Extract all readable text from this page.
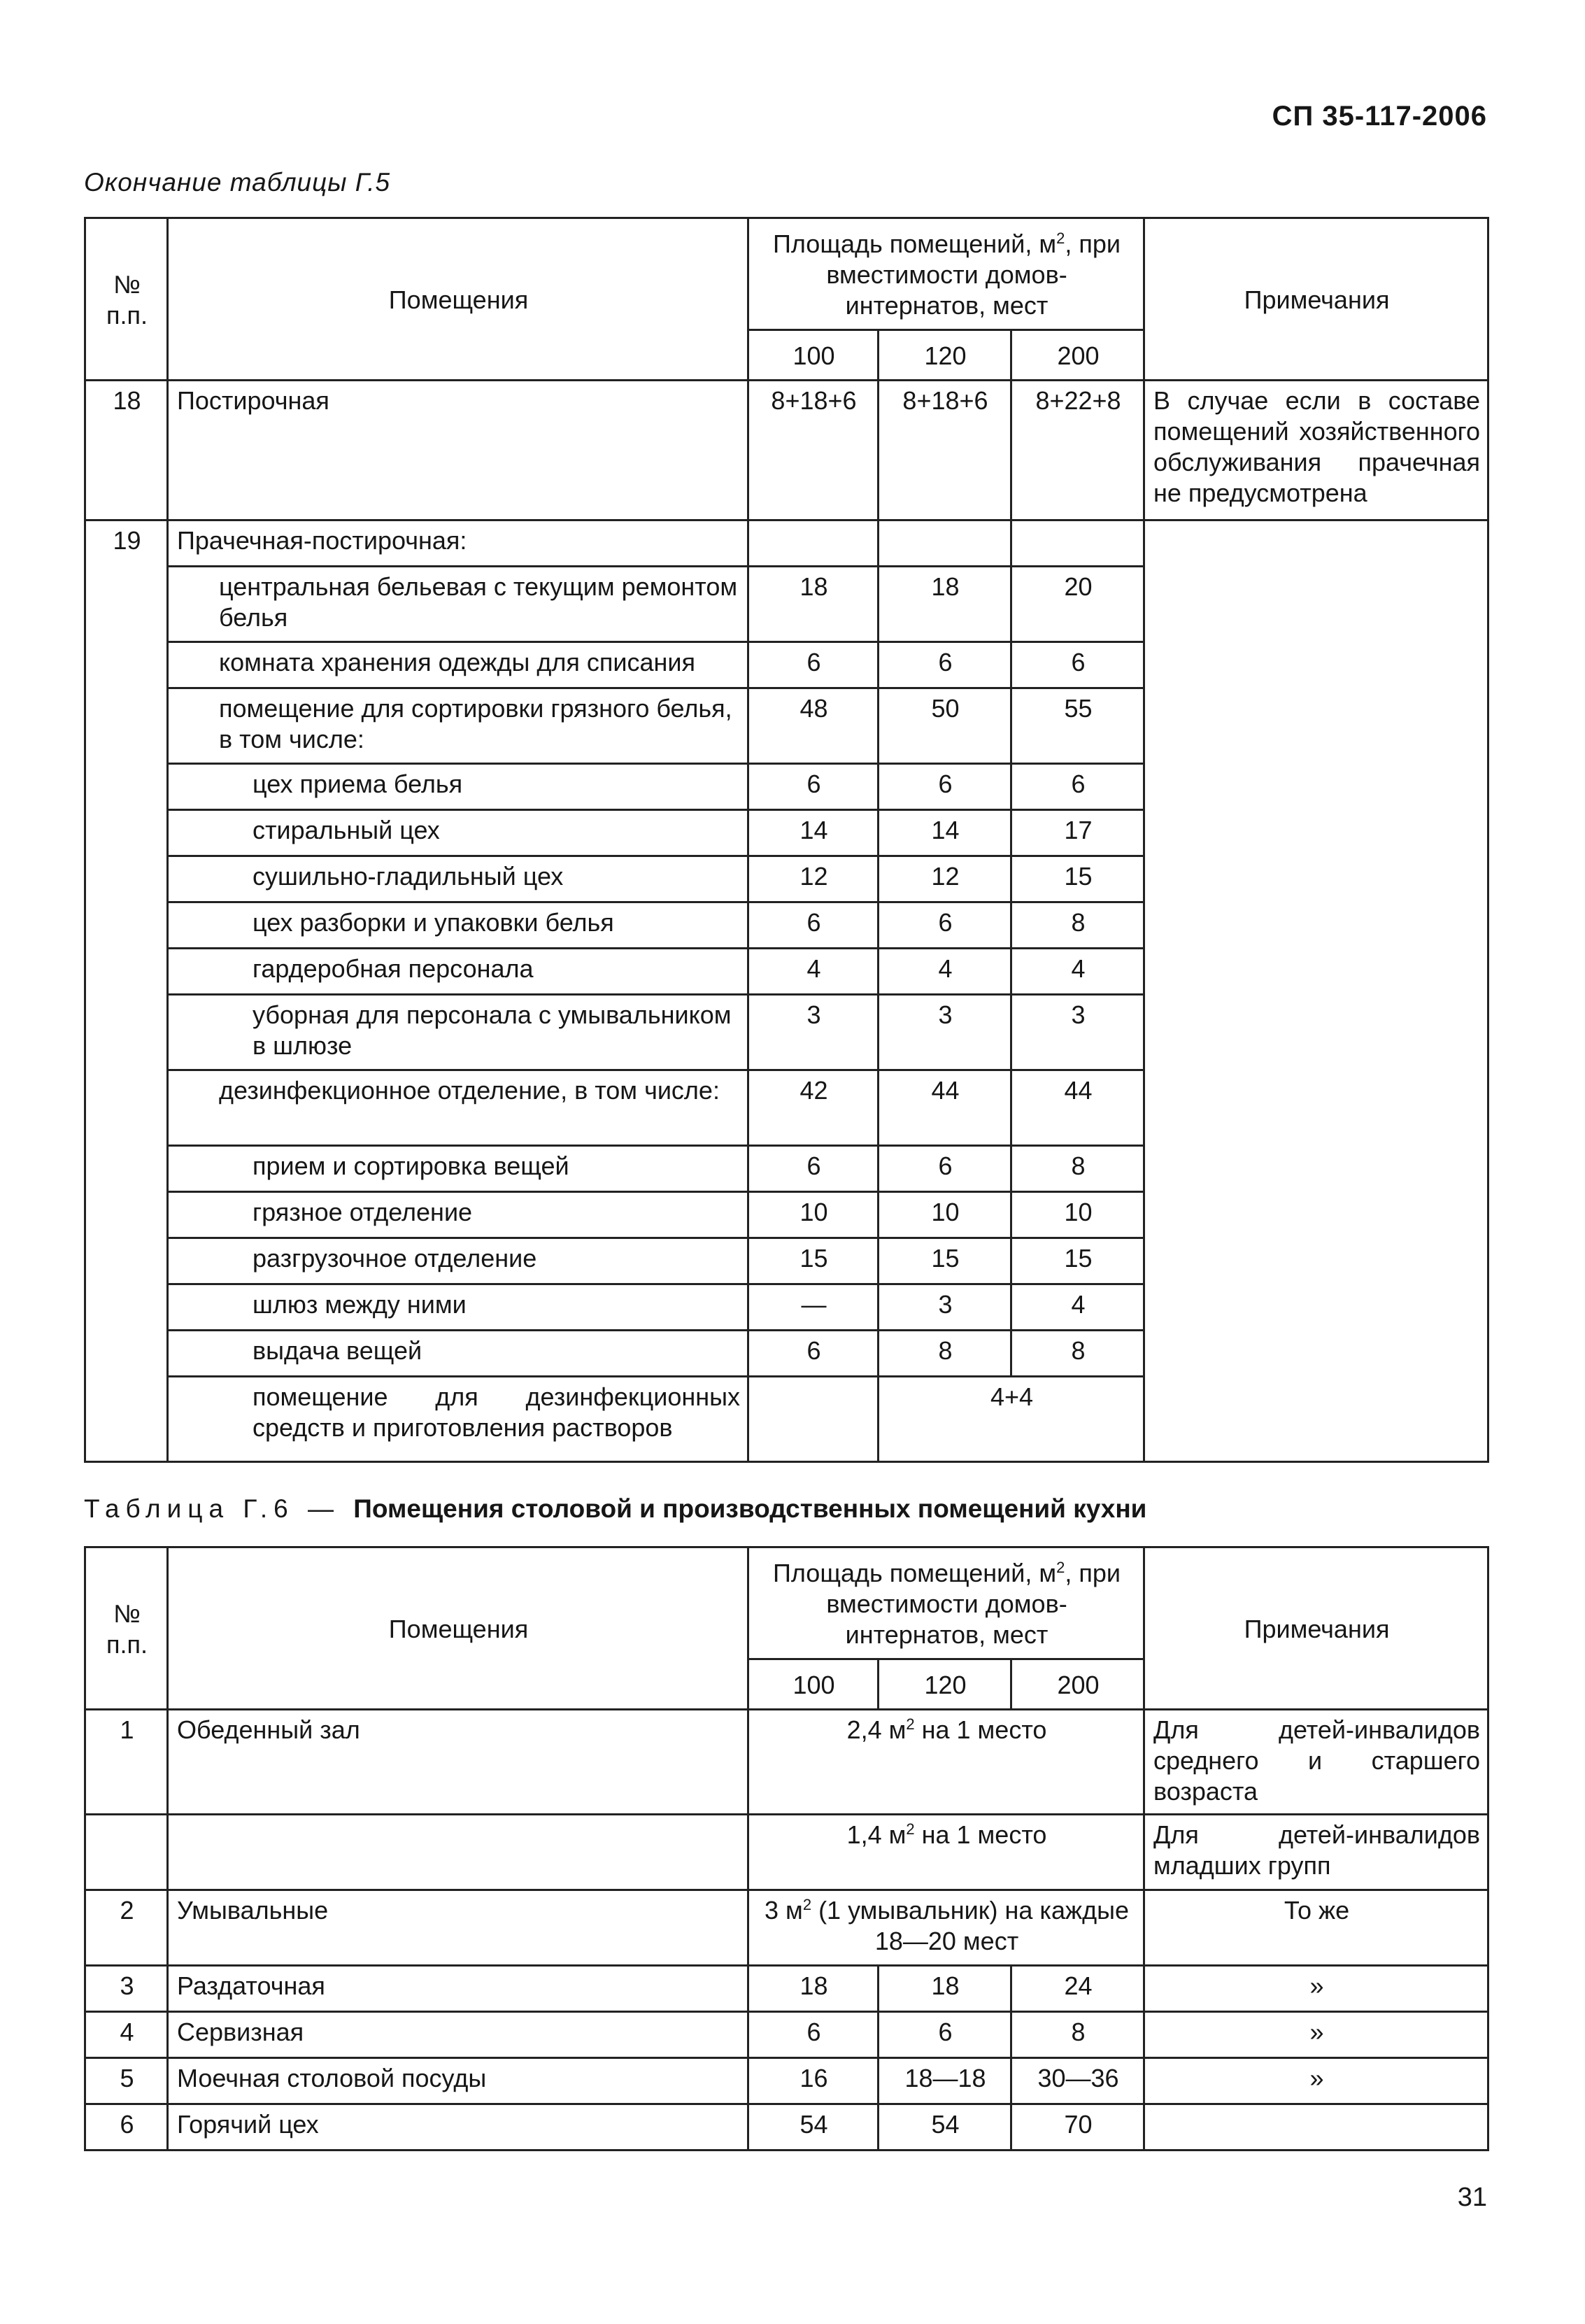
СП 35-117-2006
Окончание таблицы Г.5
№ п.п.	Помещения	Площадь помещений, $м^2$, при вместимости домов-интернатов, мест			Примечания
		100	120	200	
18	Постирочная	8+18+6	8+18+6	8+22+8	В случае если в составе помещений хозяйственного обслуживания прачечная не предусмотрена
19	Прачечная-постирочная:				
	центральная бельевая с текущим ремонтом белья	18	18	20	
	комната хранения одежды для списания	6	6	6	
	помещение для сортировки грязного белья, в том числе:	48	50	55	
	цех приема белья	6	6	6	
	стиральный цех	14	14	17	
	сушильно-гладильный цех	12	12	15	
	цех разборки и упаковки белья	6	6	8	
	гардеробная персонала	4	4	4	
	уборная для персонала с умывальником в шлюзе	3	3	3	
	дезинфекционное отделение, в том числе:	42	44	44	
	прием и сортировка вещей	6	6	8	
	грязное отделение	10	10	10	
	разгрузочное отделение	15	15	15	
	шлюз между ними	—	3	4	
	выдача вещей	6	8	8	
	помещение для дезинфекционных средств и приготовления растворов		4+4		
Таблица Г.6 — Помещения столовой и производственных помещений кухни
№ п.п.	Помещения	Площадь помещений, $м^2$, при вместимости домов-интернатов, мест			Примечания
		100	120	200	
1	Обеденный зал	2,4 $м^2$ на 1 место			Для детей-инвалидов среднего и старшего возраста
		1,4 $м^2$ на 1 место			Для детей-инвалидов младших групп
2	Умывальные	3 $м^2$ (1 умывальник) на каждые 18—20 мест			То же
3	Раздаточная	18	18	24	»
4	Сервизная	6	6	8	»
5	Моечная столовой посуды	16	18—18	30—36	»
6	Горячий цех	54	54	70	
31
